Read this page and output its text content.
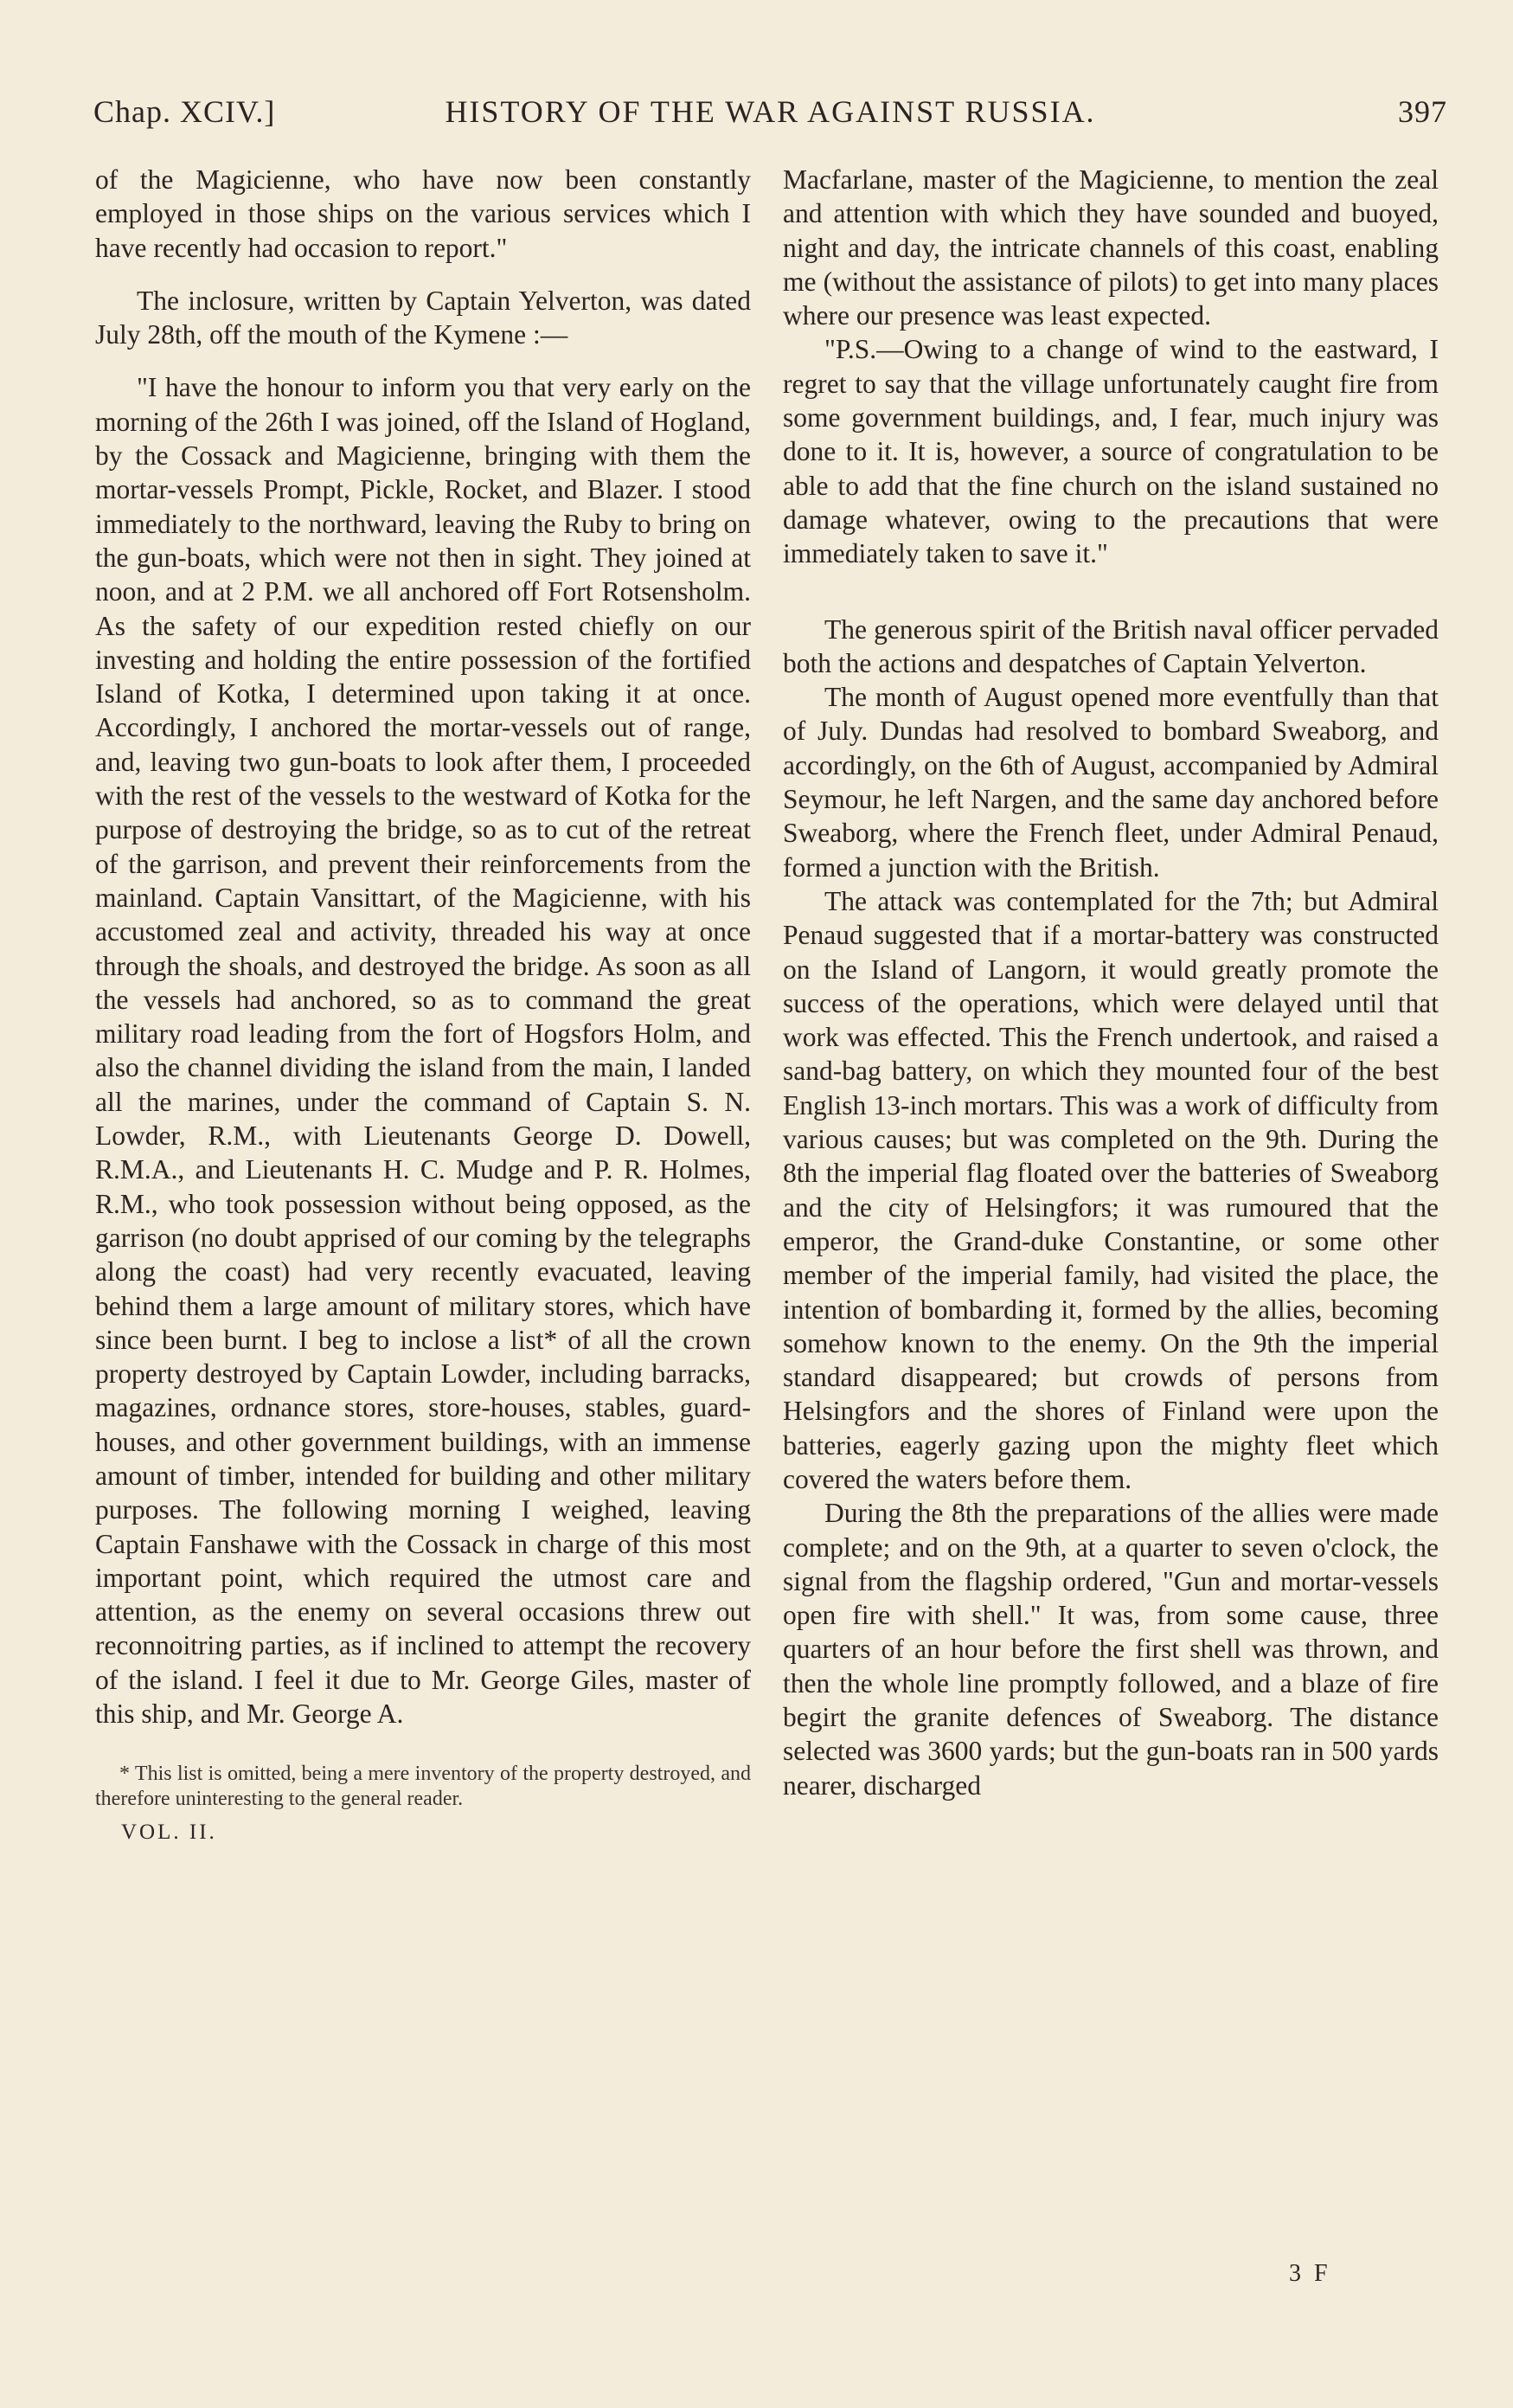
Chap. XCIV.]	HISTORY OF THE WAR AGAINST RUSSIA.	397

of the Magicienne, who have now been constantly employed in those ships on the various services which I have recently had occasion to report."

The inclosure, written by Captain Yelverton, was dated July 28th, off the mouth of the Kymene :—

"I have the honour to inform you that very early on the morning of the 26th I was joined, off the Island of Hogland, by the Cossack and Magicienne, bringing with them the mortar-vessels Prompt, Pickle, Rocket, and Blazer. I stood immediately to the northward, leaving the Ruby to bring on the gun-boats, which were not then in sight. They joined at noon, and at 2 P.M. we all anchored off Fort Rotsensholm. As the safety of our expedition rested chiefly on our investing and holding the entire possession of the fortified Island of Kotka, I determined upon taking it at once. Accordingly, I anchored the mortar-vessels out of range, and, leaving two gun-boats to look after them, I proceeded with the rest of the vessels to the westward of Kotka for the purpose of destroying the bridge, so as to cut of the retreat of the garrison, and prevent their reinforcements from the mainland. Captain Vansittart, of the Magicienne, with his accustomed zeal and activity, threaded his way at once through the shoals, and destroyed the bridge. As soon as all the vessels had anchored, so as to command the great military road leading from the fort of Hogsfors Holm, and also the channel dividing the island from the main, I landed all the marines, under the command of Captain S. N. Lowder, R.M., with Lieutenants George D. Dowell, R.M.A., and Lieutenants H. C. Mudge and P. R. Holmes, R.M., who took possession without being opposed, as the garrison (no doubt apprised of our coming by the telegraphs along the coast) had very recently evacuated, leaving behind them a large amount of military stores, which have since been burnt. I beg to inclose a list* of all the crown property destroyed by Captain Lowder, including barracks, magazines, ordnance stores, store-houses, stables, guard-houses, and other government buildings, with an immense amount of timber, intended for building and other military purposes. The following morning I weighed, leaving Captain Fanshawe with the Cossack in charge of this most important point, which required the utmost care and attention, as the enemy on several occasions threw out reconnoitring parties, as if inclined to attempt the recovery of the island. I feel it due to Mr. George Giles, master of this ship, and Mr. George A.

* This list is omitted, being a mere inventory of the property destroyed, and therefore uninteresting to the general reader.
VOL. II.

Macfarlane, master of the Magicienne, to mention the zeal and attention with which they have sounded and buoyed, night and day, the intricate channels of this coast, enabling me (without the assistance of pilots) to get into many places where our presence was least expected.

"P.S.—Owing to a change of wind to the eastward, I regret to say that the village unfortunately caught fire from some government buildings, and, I fear, much injury was done to it. It is, however, a source of congratulation to be able to add that the fine church on the island sustained no damage whatever, owing to the precautions that were immediately taken to save it."

The generous spirit of the British naval officer pervaded both the actions and despatches of Captain Yelverton.

The month of August opened more eventfully than that of July. Dundas had resolved to bombard Sweaborg, and accordingly, on the 6th of August, accompanied by Admiral Seymour, he left Nargen, and the same day anchored before Sweaborg, where the French fleet, under Admiral Penaud, formed a junction with the British.

The attack was contemplated for the 7th; but Admiral Penaud suggested that if a mortar-battery was constructed on the Island of Langorn, it would greatly promote the success of the operations, which were delayed until that work was effected. This the French undertook, and raised a sand-bag battery, on which they mounted four of the best English 13-inch mortars. This was a work of difficulty from various causes; but was completed on the 9th. During the 8th the imperial flag floated over the batteries of Sweaborg and the city of Helsingfors; it was rumoured that the emperor, the Grand-duke Constantine, or some other member of the imperial family, had visited the place, the intention of bombarding it, formed by the allies, becoming somehow known to the enemy. On the 9th the imperial standard disappeared; but crowds of persons from Helsingfors and the shores of Finland were upon the batteries, eagerly gazing upon the mighty fleet which covered the waters before them.

During the 8th the preparations of the allies were made complete; and on the 9th, at a quarter to seven o'clock, the signal from the flagship ordered, "Gun and mortar-vessels open fire with shell." It was, from some cause, three quarters of an hour before the first shell was thrown, and then the whole line promptly followed, and a blaze of fire begirt the granite defences of Sweaborg. The distance selected was 3600 yards; but the gun-boats ran in 500 yards nearer, discharged

3 F
